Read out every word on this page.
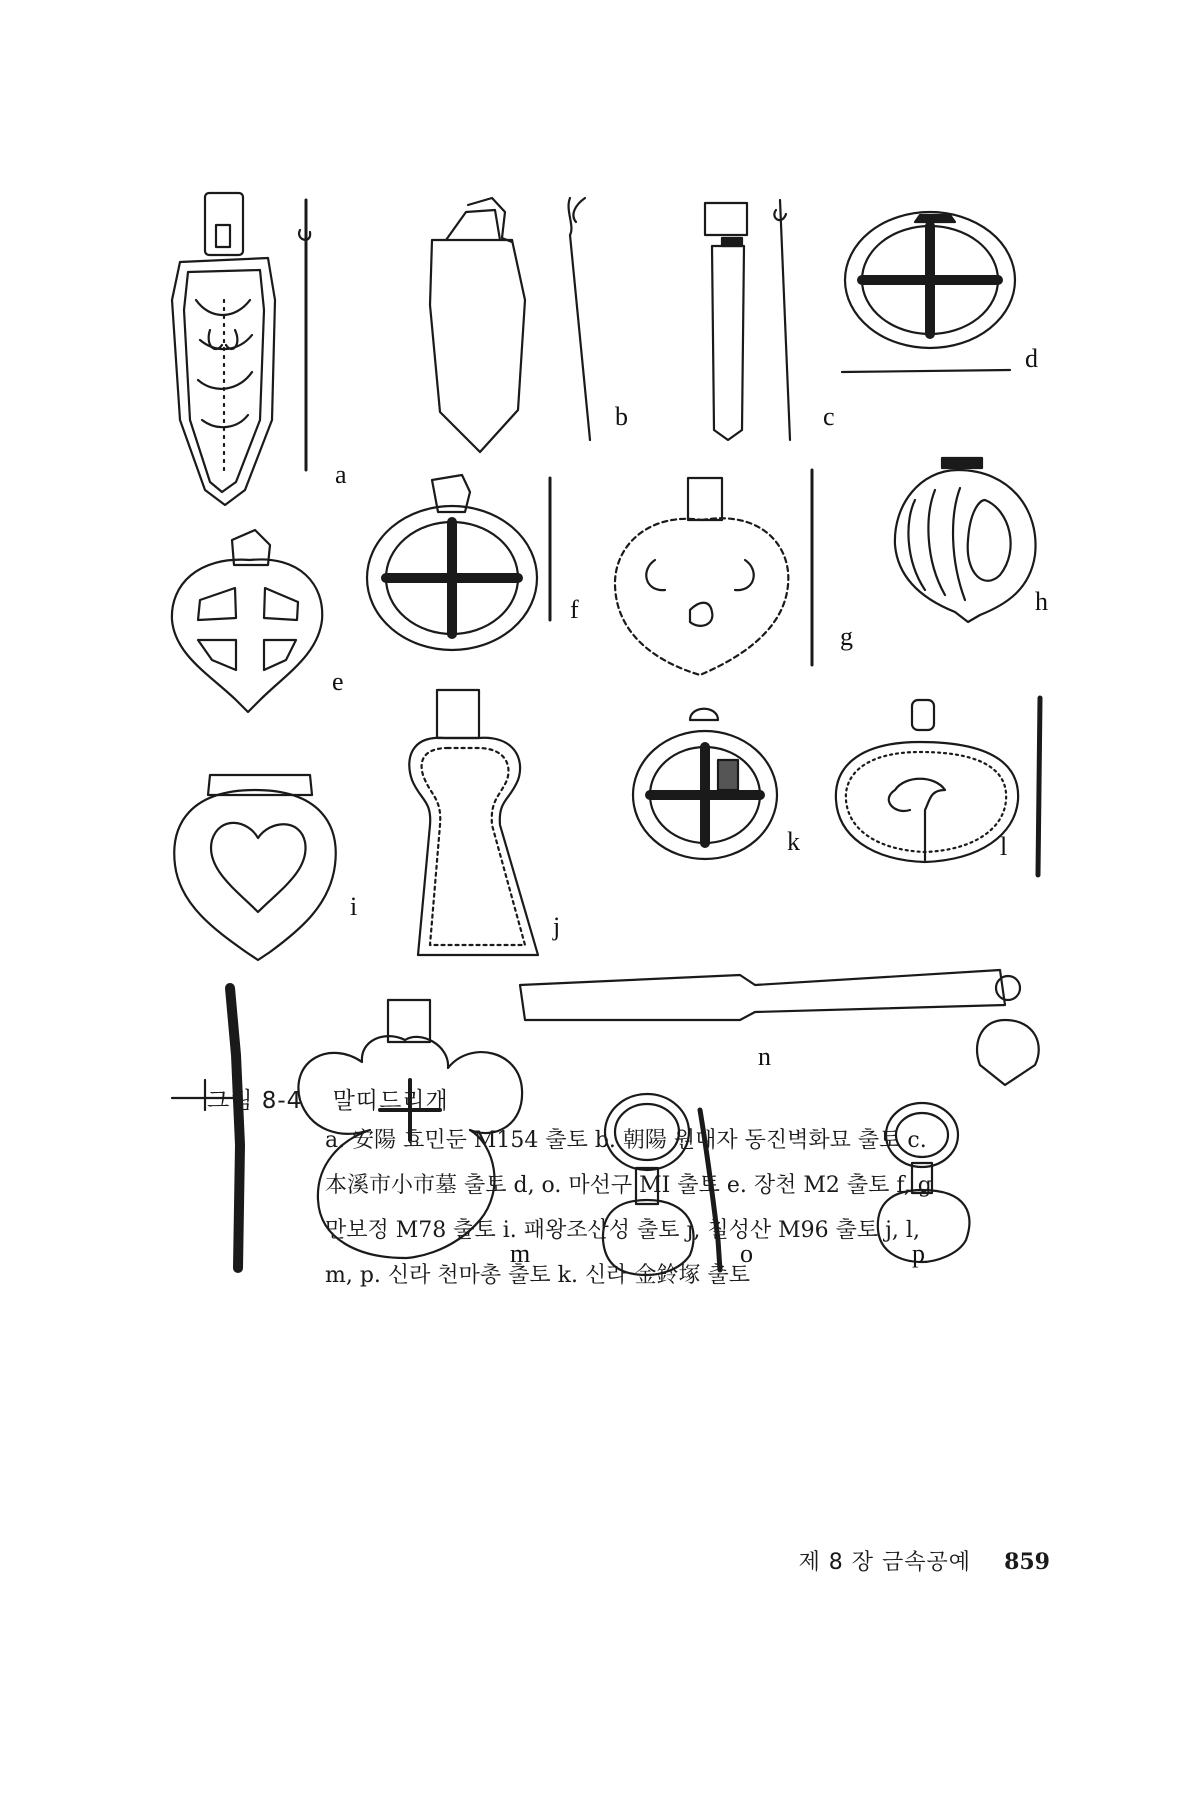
a
b	c
d
e
f
g
h
i
j
k	l
m
n
o	p
그림 8-4 말띠드리개

a. 安陽 효민둔 M154 출토 b. 朝陽 원대자 동진벽화묘 출토 c.

本溪市小市墓 출토 d, o. 마선구 MI 출토 e. 장천 M2 출토 f, g

만보정 M78 출토 i. 패왕조산성 출토 j, 칠성산 M96 출토 j, l,

m, p. 신라 천마총 출토 k. 신라 金鈴塚 출토

제 8 장 금속공예 859
